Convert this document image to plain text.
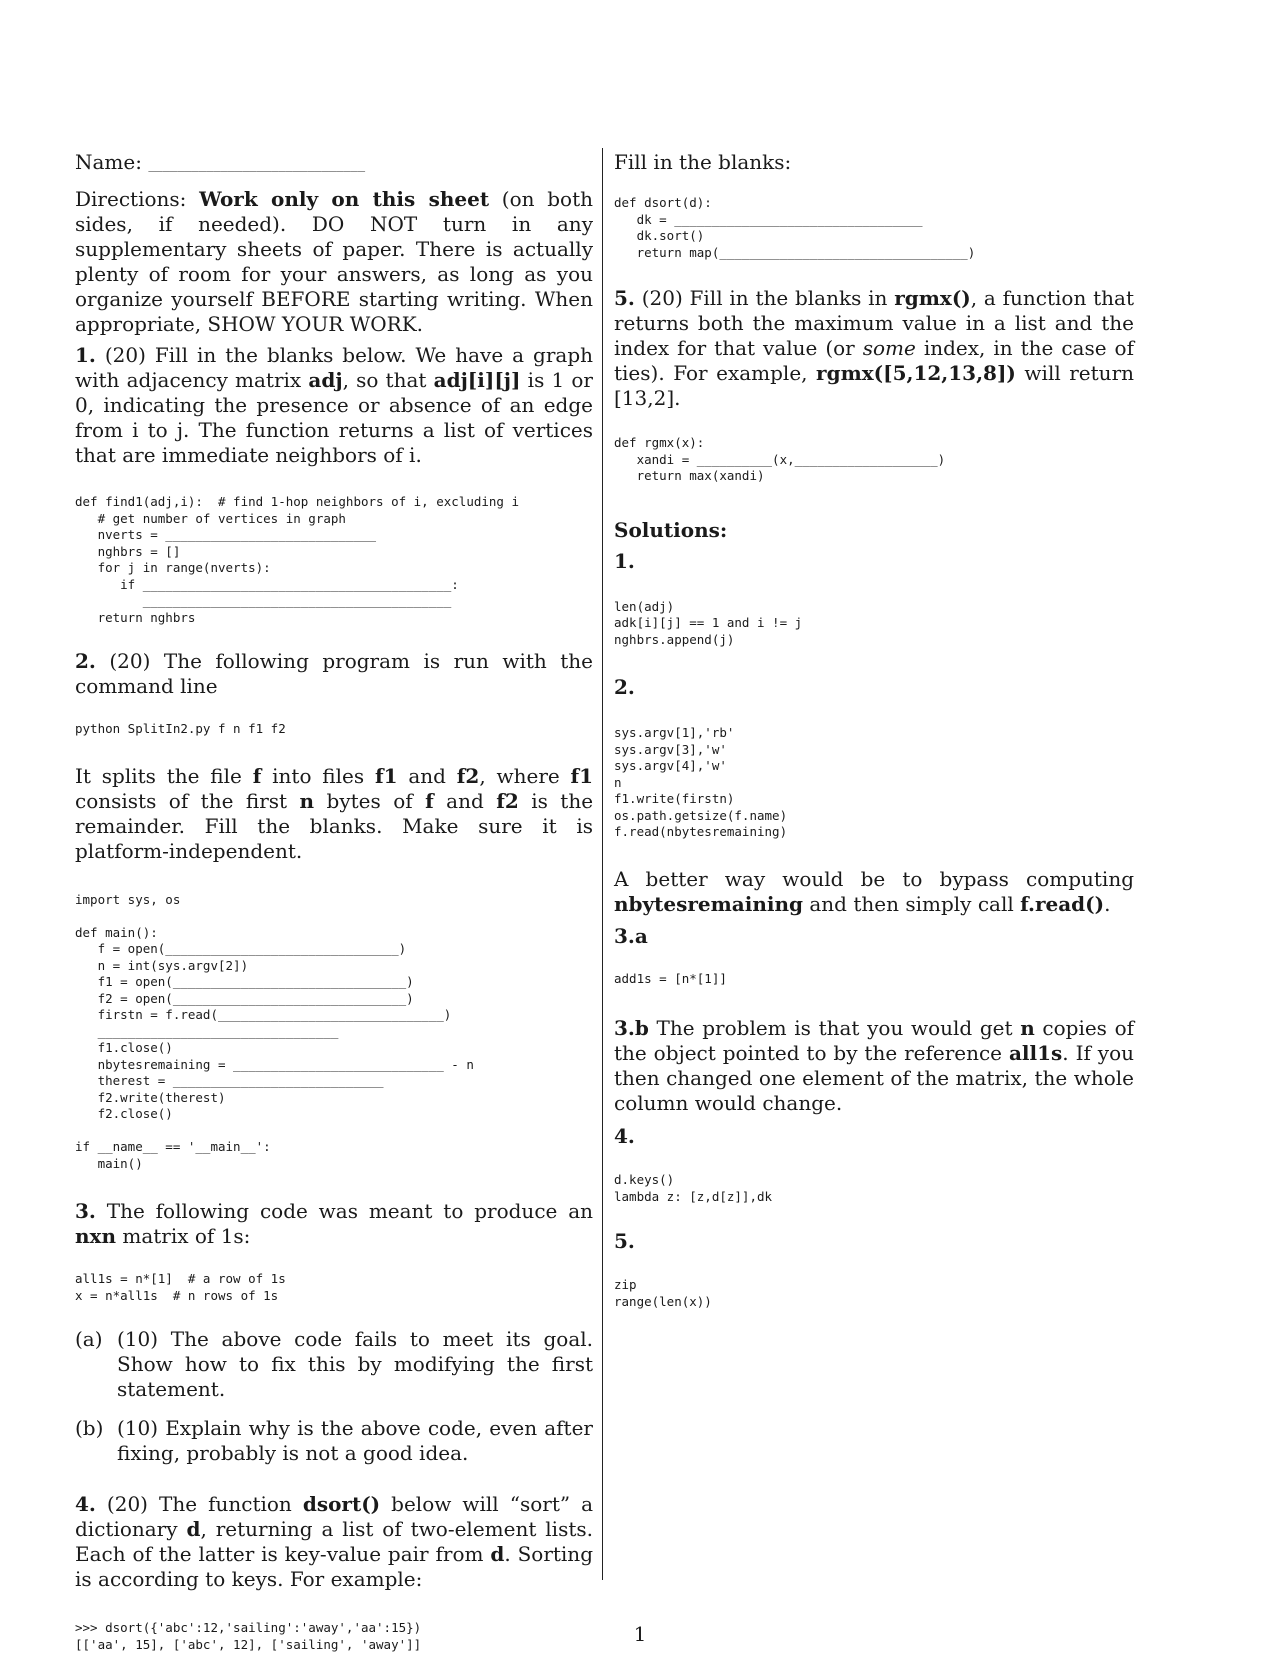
Name: ______________________________

Directions: Work only on this sheet (on both sides, if needed). DO NOT turn in any supplementary sheets of paper. There is actually plenty of room for your answers, as long as you organize yourself BEFORE starting writing. When appropriate, SHOW YOUR WORK.

1. (20) Fill in the blanks below. We have a graph with adjacency matrix adj, so that adj[i][j] is 1 or 0, indicating the presence or absence of an edge from i to j. The function returns a list of vertices that are immediate neighbors of i.

def find1(adj,i):  # find 1-hop neighbors of i, excluding i
# get number of vertices in graph
nverts = ____________________________
nghbrs = []
for j in range(nverts):
if _________________________________________:
_________________________________________
return nghbrs

2. (20) The following program is run with the command line

python SplitIn2.py f n f1 f2

It splits the file f into files f1 and f2, where f1 consists of the first n bytes of f and f2 is the remainder. Fill the blanks. Make sure it is platform-independent.

import sys, os

def main():
f = open(_______________________________)
n = int(sys.argv[2])
f1 = open(_______________________________)
f2 = open(_______________________________)
firstn = f.read(______________________________)
________________________________
f1.close()
nbytesremaining = ____________________________ - n
therest = ____________________________
f2.write(therest)
f2.close()

if __name__ == '__main__':
main()

3. The following code was meant to produce an nxn matrix of 1s:

all1s = n*[1]  # a row of 1s
x = n*all1s  # n rows of 1s
(a) (10) The above code fails to meet its goal. Show how to fix this by modifying the first statement.
(b) (10) Explain why is the above code, even after fixing, probably is not a good idea.

4. (20) The function dsort() below will “sort” a dictionary d, returning a list of two-element lists. Each of the latter is key-value pair from d. Sorting is according to keys. For example:

>>> dsort({'abc':12,'sailing':'away','aa':15})
[['aa', 15], ['abc', 12], ['sailing', 'away']]

Fill in the blanks:

def dsort(d):
dk = _________________________________
dk.sort()
return map(_________________________________)

5. (20) Fill in the blanks in rgmx(), a function that returns both the maximum value in a list and the index for that value (or some index, in the case of ties). For example, rgmx([5,12,13,8]) will return [13,2].

def rgmx(x):
xandi = __________(x,___________________)
return max(xandi)

Solutions:

1.

len(adj)
adk[i][j] == 1 and i != j
nghbrs.append(j)

2.

sys.argv[1],'rb'
sys.argv[3],'w'
sys.argv[4],'w'
n
f1.write(firstn)
os.path.getsize(f.name)
f.read(nbytesremaining)

A better way would be to bypass computing nbytesremaining and then simply call f.read().

3.a

add1s = [n*[1]]

3.b The problem is that you would get n copies of the object pointed to by the reference all1s. If you then changed one element of the matrix, the whole column would change.

4.

d.keys()
lambda z: [z,d[z]],dk

5.

zip
range(len(x))
1
